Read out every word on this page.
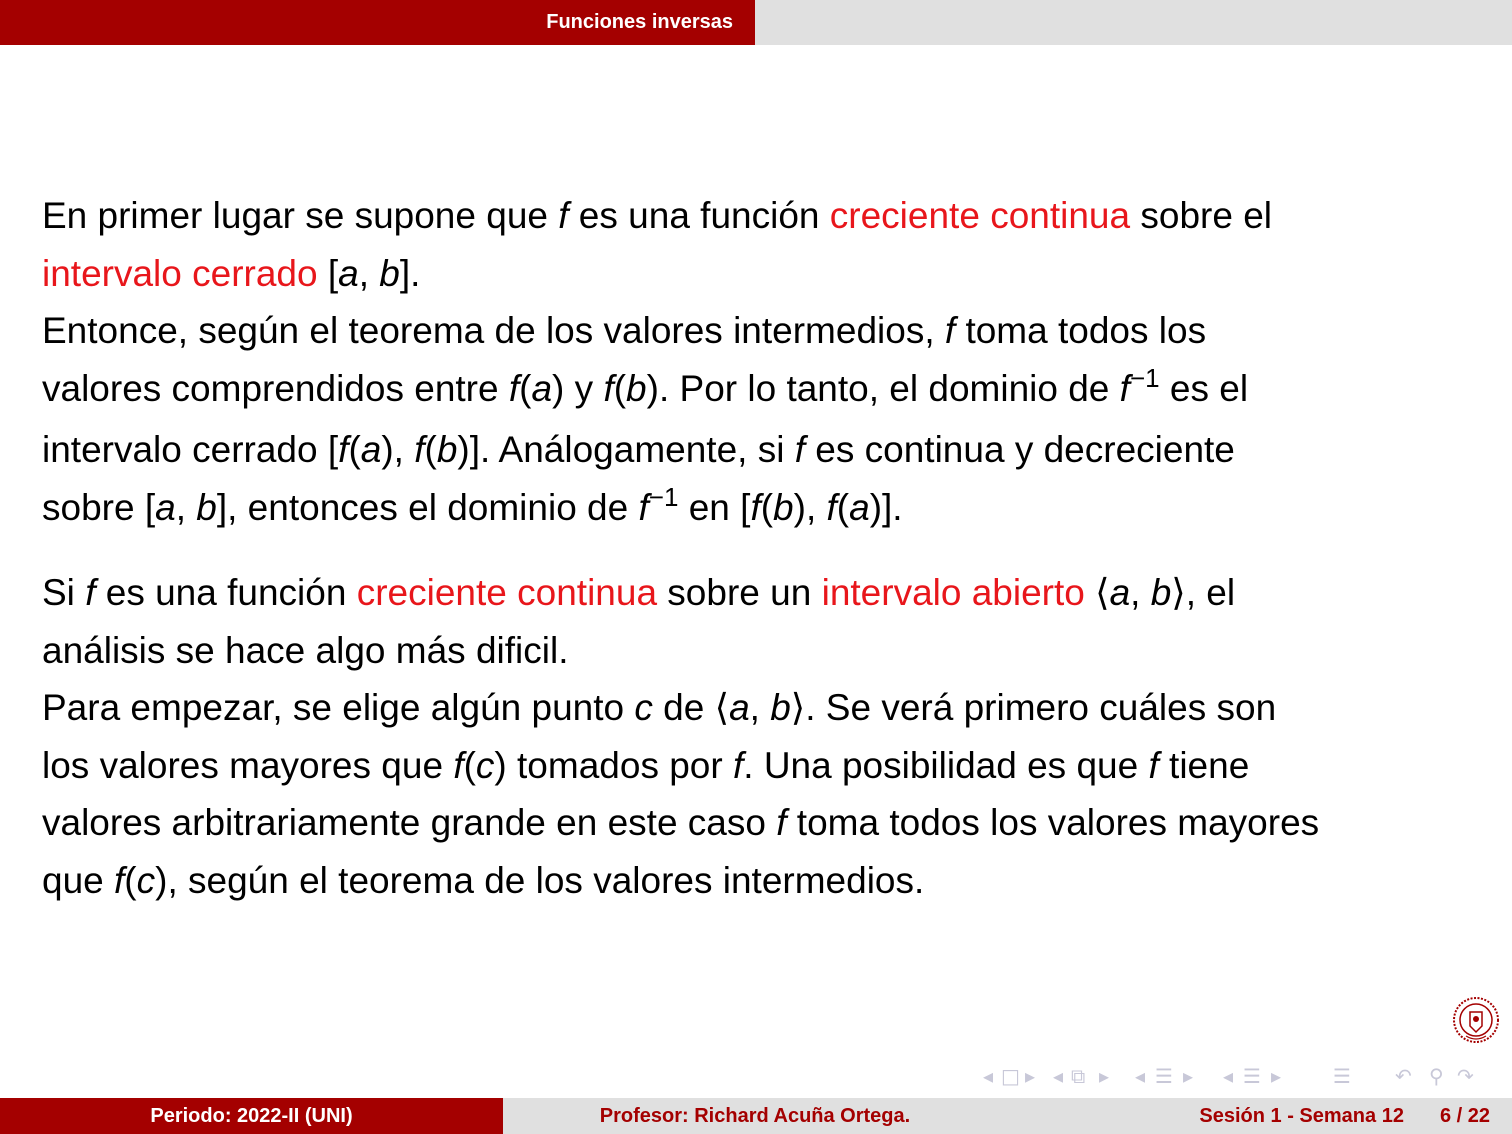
Funciones inversas

En primer lugar se supone que f es una función creciente continua sobre el
intervalo cerrado [a, b].
Entonce, según el teorema de los valores intermedios, f toma todos los
valores comprendidos entre f(a) y f(b). Por lo tanto, el dominio de $f^{-1}$ es el
intervalo cerrado [f(a), f(b)]. Análogamente, si f es continua y decreciente
sobre [a, b], entonces el dominio de $f^{-1}$ en [f(b), f(a)].

Si f es una función creciente continua sobre un intervalo abierto ⟨a, b⟩, el
análisis se hace algo más dificil.
Para empezar, se elige algún punto c de ⟨a, b⟩. Se verá primero cuáles son
los valores mayores que f(c) tomados por f. Una posibilidad es que f tiene
valores arbitrariamente grande en este caso f toma todos los valores mayores
que f(c), según el teorema de los valores intermedios.

◂ □ ▸ ◂ ⧉ ▸ ◂ ☰ ▸ ◂ ☰ ▸	☰ ↶ ⚲ ↷
Periodo: 2022-II (UNI)	Profesor: Richard Acuña Ortega.	Sesión 1 - Semana 12 6 / 22
